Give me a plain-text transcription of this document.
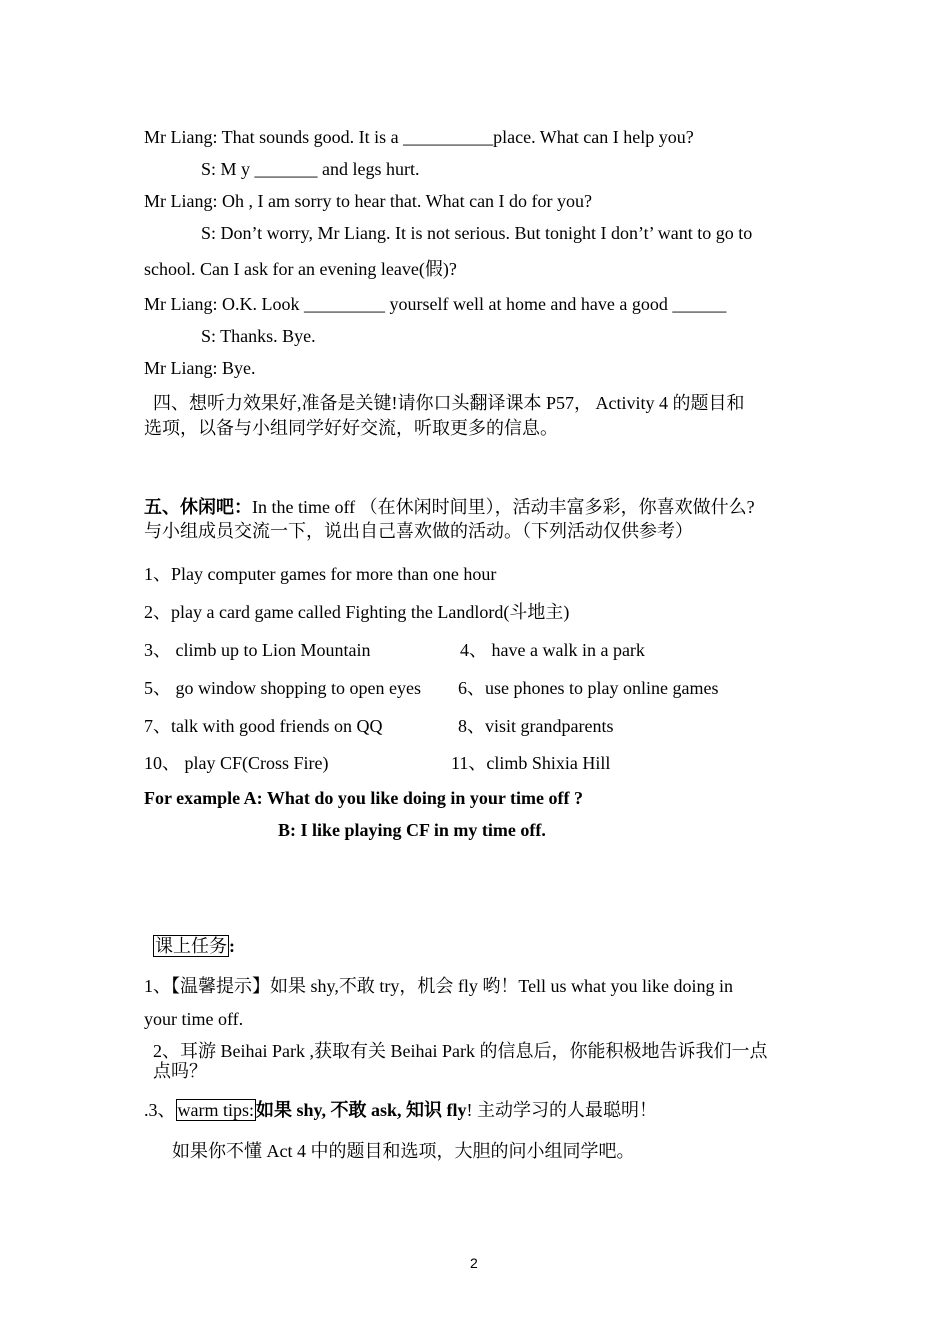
Mr Liang: That sounds good. It is a __________place. What can I help you?
S: M y _______ and legs hurt.
Mr Liang: Oh , I am sorry to hear that. What can I do for you?
S: Don’t worry, Mr Liang. It is not serious. But tonight I don’t’ want to go to
school. Can I ask for an evening leave(假)?
Mr Liang: O.K. Look _________ yourself well at home and have a good ______
S: Thanks. Bye.
Mr Liang: Bye.
四、想听力效果好,准备是关键!请你口头翻译课本 P57， Activity 4 的题目和
选项，以备与小组同学好好交流，听取更多的信息。
五、休闲吧：In the time off （在休闲时间里），活动丰富多彩，你喜欢做什么?
与小组成员交流一下，说出自己喜欢做的活动。（下列活动仅供参考）
1、Play computer games for more than one hour
2、play a card game called Fighting the Landlord(斗地主)
3、 climb up to Lion Mountain	4、 have a walk in a park
5、 go window shopping to open eyes 6、use phones to play online games
7、talk with good friends on QQ	8、visit grandparents
10、 play CF(Cross Fire)	11、climb Shixia Hill
For example A: What do you like doing in your time off ?
B: I like playing CF in my time off.
课上任务 :
1、【温馨提示】如果 shy,不敢 try，机会 fly 哟！Tell us what you like doing in
your time off.
2、耳游 Beihai Park ,获取有关 Beihai Park 的信息后，你能积极地告诉我们一点
点吗？
.3、 warm tips: 如果 shy, 不敢 ask, 知识 fly! 主动学习的人最聪明！
如果你不懂 Act 4 中的题目和选项，大胆的问小组同学吧。
2
